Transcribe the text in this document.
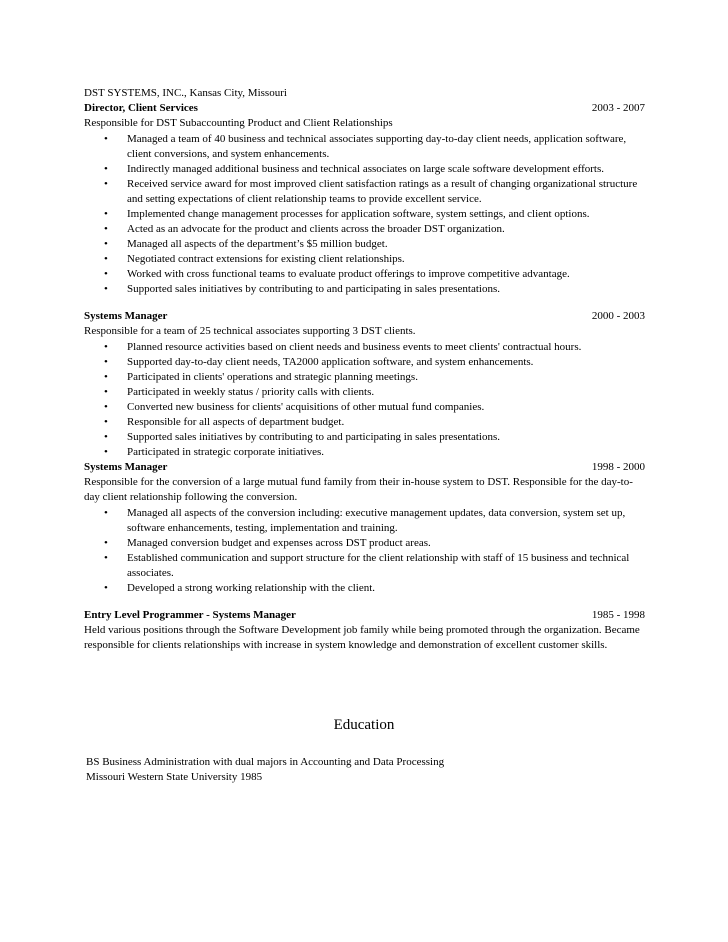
DST SYSTEMS, INC., Kansas City, Missouri
Director, Client Services	2003 - 2007
Responsible for DST Subaccounting Product and Client Relationships
•	Managed a team of 40 business and technical associates supporting day-to-day client needs, application software, client conversions, and system enhancements.
•	Indirectly managed additional business and technical associates on large scale software development efforts.
•	Received service award for most improved client satisfaction ratings as a result of changing organizational structure and setting expectations of client relationship teams to provide excellent service.
•	Implemented change management processes for application software, system settings, and client options.
•	Acted as an advocate for the product and clients across the broader DST organization.
•	Managed all aspects of the department’s $5 million budget.
•	Negotiated contract extensions for existing client relationships.
•	Worked with cross functional teams to evaluate product offerings to improve competitive advantage.
•	Supported sales initiatives by contributing to and participating in sales presentations.
Systems Manager	2000 - 2003
Responsible for a team of 25 technical associates supporting 3 DST clients.
•	Planned resource activities based on client needs and business events to meet clients' contractual hours.
•	Supported day-to-day client needs, TA2000 application software, and system enhancements.
•	Participated in clients' operations and strategic planning meetings.
•	Participated in weekly status / priority calls with clients.
•	Converted new business for clients' acquisitions of other mutual fund companies.
•	Responsible for all aspects of department budget.
•	Supported sales initiatives by contributing to and participating in sales presentations.
•	Participated in strategic corporate initiatives.
Systems Manager	1998 - 2000
Responsible for the conversion of a large mutual fund family from their in-house system to DST. Responsible for the day-to-day client relationship following the conversion.
•	Managed all aspects of the conversion including: executive management updates, data conversion, system set up, software enhancements, testing, implementation and training.
•	Managed conversion budget and expenses across DST product areas.
•	Established communication and support structure for the client relationship with staff of 15 business and technical associates.
•	Developed a strong working relationship with the client.
Entry Level Programmer - Systems Manager	1985 - 1998
Held various positions through the Software Development job family while being promoted through the organization. Became responsible for clients relationships with increase in system knowledge and demonstration of excellent customer skills.
Education
BS Business Administration with dual majors in Accounting and Data Processing
Missouri Western State University 1985
